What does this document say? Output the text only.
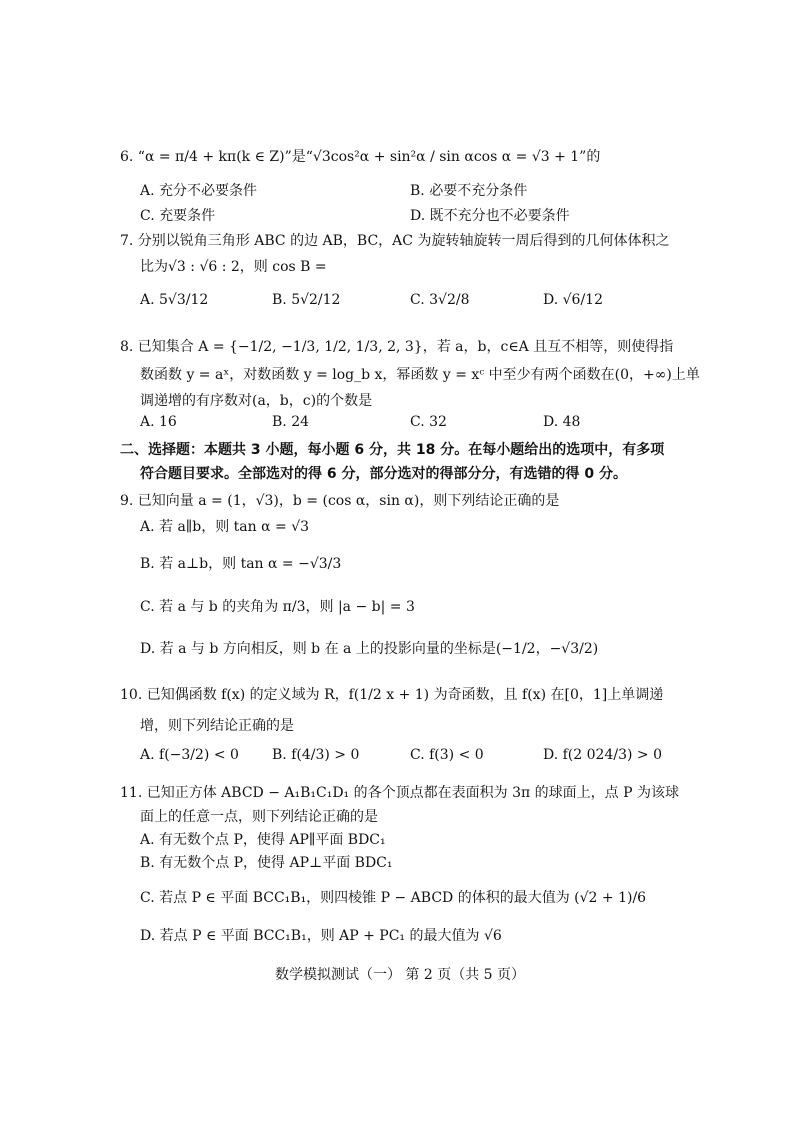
6. “α = π/4 + kπ(k ∈ Z)”是“√3cos²α + sin²α / sin αcos α = √3 + 1”的
A. 充分不必要条件	B. 必要不充分条件
C. 充要条件	D. 既不充分也不必要条件
7. 分别以锐角三角形 ABC 的边 AB，BC，AC 为旋转轴旋转一周后得到的几何体体积之
比为√3 : √6 : 2，则 cos B =
A. 5√3/12	B. 5√2/12	C. 3√2/8	D. √6/12
8. 已知集合 A = {−1/2, −1/3, 1/2, 1/3, 2, 3}，若 a，b，c∈A 且互不相等，则使得指
数函数 y = aˣ，对数函数 y = log_b x，幂函数 y = xᶜ 中至少有两个函数在(0，+∞)上单
调递增的有序数对(a，b，c)的个数是
A. 16	B. 24	C. 32	D. 48
二、选择题：本题共 3 小题，每小题 6 分，共 18 分。在每小题给出的选项中，有多项
符合题目要求。全部选对的得 6 分，部分选对的得部分分，有选错的得 0 分。
9. 已知向量 a = (1，√3)，b = (cos α，sin α)，则下列结论正确的是
A. 若 a∥b，则 tan α = √3
B. 若 a⊥b，则 tan α = −√3/3
C. 若 a 与 b 的夹角为 π/3，则 |a − b| = 3
D. 若 a 与 b 方向相反，则 b 在 a 上的投影向量的坐标是(−1/2，−√3/2)
10. 已知偶函数 f(x) 的定义域为 R，f(1/2 x + 1) 为奇函数，且 f(x) 在[0，1]上单调递
增，则下列结论正确的是
A. f(−3/2) < 0 B. f(4/3) > 0	C. f(3) < 0	D. f(2 024/3) > 0
11. 已知正方体 ABCD − A₁B₁C₁D₁ 的各个顶点都在表面积为 3π 的球面上，点 P 为该球
面上的任意一点，则下列结论正确的是
A. 有无数个点 P，使得 AP∥平面 BDC₁
B. 有无数个点 P，使得 AP⊥平面 BDC₁
C. 若点 P ∈ 平面 BCC₁B₁，则四棱锥 P − ABCD 的体积的最大值为 (√2 + 1)/6
D. 若点 P ∈ 平面 BCC₁B₁，则 AP + PC₁ 的最大值为 √6
数学模拟测试（一） 第 2 页（共 5 页）
